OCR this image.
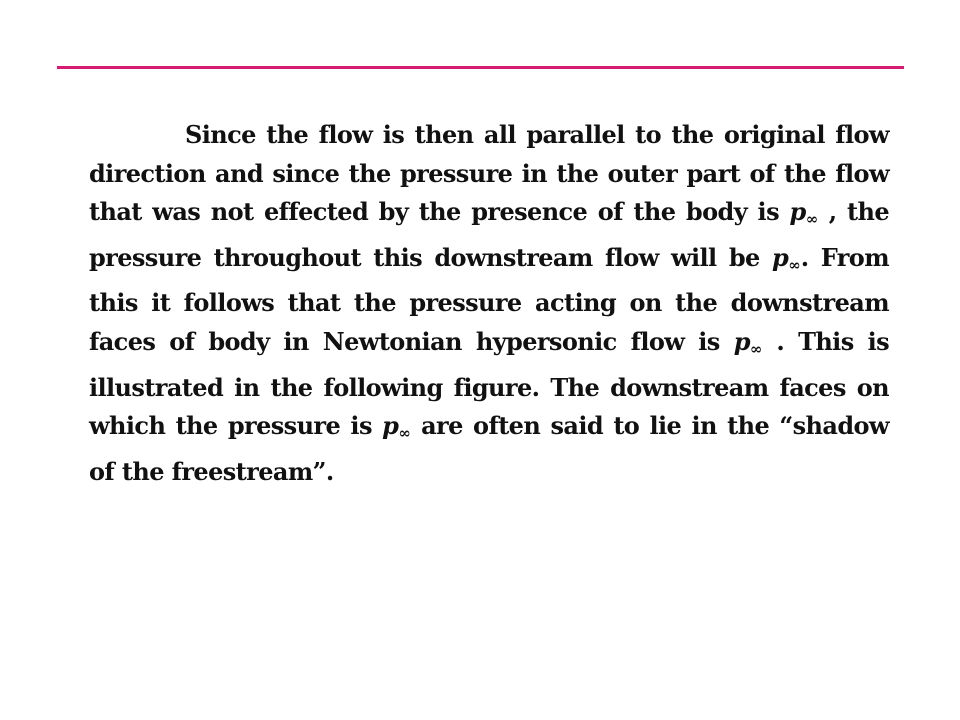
Since the flow is then all parallel to the original flow direction and since the pressure in the outer part of the flow that was not effected by the presence of the body is $p_\infty$ , the pressure throughout this downstream flow will be $p_\infty$. From this it follows that the pressure acting on the downstream faces of body in Newtonian hypersonic flow is $p_\infty$ . This is illustrated in the following figure. The downstream faces on which the pressure is $p_\infty$ are often said to lie in the “shadow of the freestream”.
